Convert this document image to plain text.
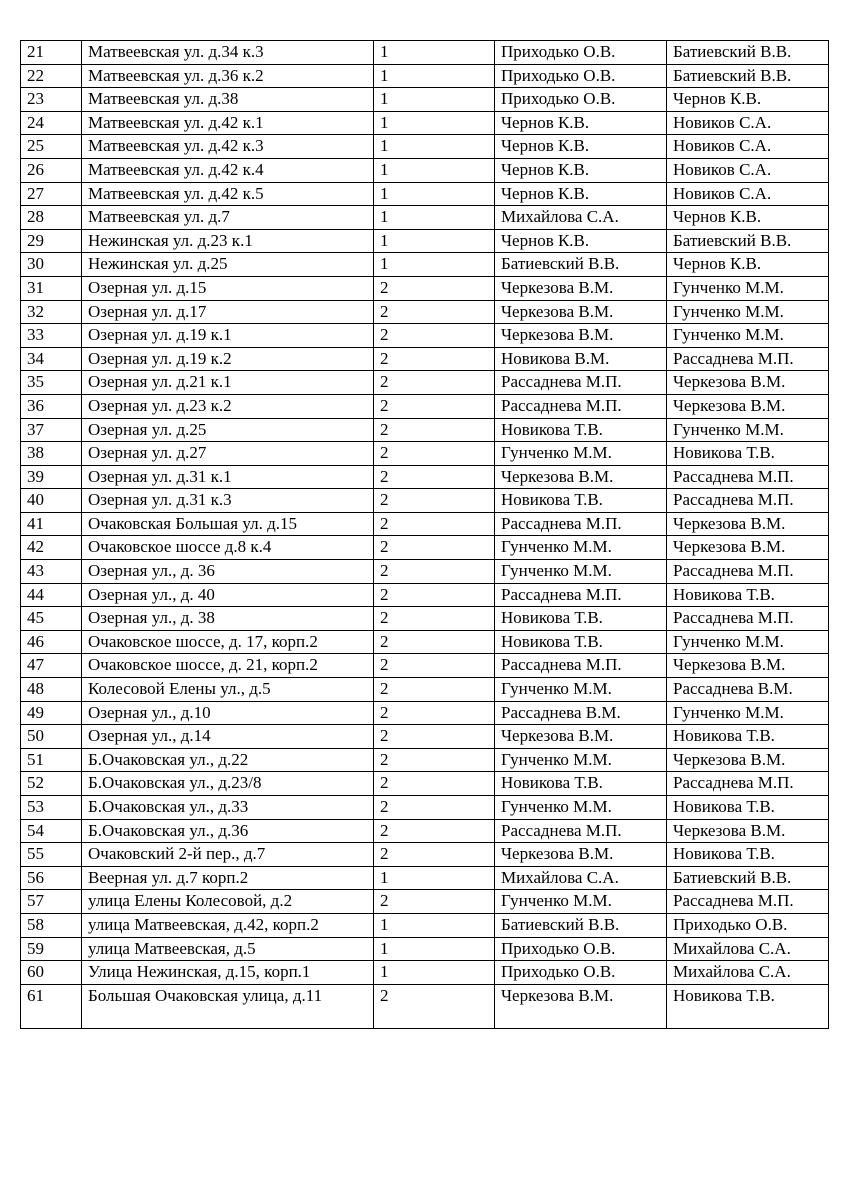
21	Матвеевская ул. д.34 к.3	1	Приходько О.В.	Батиевский В.В.
22	Матвеевская ул. д.36 к.2	1	Приходько О.В.	Батиевский В.В.
23	Матвеевская ул. д.38	1	Приходько О.В.	Чернов К.В.
24	Матвеевская ул. д.42 к.1	1	Чернов К.В.	Новиков С.А.
25	Матвеевская ул. д.42 к.3	1	Чернов К.В.	Новиков С.А.
26	Матвеевская ул. д.42 к.4	1	Чернов К.В.	Новиков С.А.
27	Матвеевская ул. д.42 к.5	1	Чернов К.В.	Новиков С.А.
28	Матвеевская ул. д.7	1	Михайлова С.А.	Чернов К.В.
29	Нежинская ул. д.23 к.1	1	Чернов К.В.	Батиевский В.В.
30	Нежинская ул. д.25	1	Батиевский В.В.	Чернов К.В.
31	Озерная ул. д.15	2	Черкезова В.М.	Гунченко М.М.
32	Озерная ул. д.17	2	Черкезова В.М.	Гунченко М.М.
33	Озерная ул. д.19 к.1	2	Черкезова В.М.	Гунченко М.М.
34	Озерная ул. д.19 к.2	2	Новикова В.М.	Рассаднева М.П.
35	Озерная ул. д.21 к.1	2	Рассаднева М.П.	Черкезова В.М.
36	Озерная ул. д.23 к.2	2	Рассаднева М.П.	Черкезова В.М.
37	Озерная ул. д.25	2	Новикова Т.В.	Гунченко М.М.
38	Озерная ул. д.27	2	Гунченко М.М.	Новикова Т.В.
39	Озерная ул. д.31 к.1	2	Черкезова В.М.	Рассаднева М.П.
40	Озерная ул. д.31 к.3	2	Новикова Т.В.	Рассаднева М.П.
41	Очаковская Большая ул. д.15	2	Рассаднева М.П.	Черкезова В.М.
42	Очаковское шоссе д.8 к.4	2	Гунченко М.М.	Черкезова В.М.
43	Озерная ул., д. 36	2	Гунченко М.М.	Рассаднева М.П.
44	Озерная ул., д. 40	2	Рассаднева М.П.	Новикова Т.В.
45	Озерная ул., д. 38	2	Новикова Т.В.	Рассаднева М.П.
46	Очаковское шоссе, д. 17, корп.2	2	Новикова Т.В.	Гунченко М.М.
47	Очаковское шоссе, д. 21, корп.2	2	Рассаднева М.П.	Черкезова В.М.
48	Колесовой Елены ул., д.5	2	Гунченко М.М.	Рассаднева В.М.
49	Озерная ул., д.10	2	Рассаднева В.М.	Гунченко М.М.
50	Озерная ул., д.14	2	Черкезова В.М.	Новикова Т.В.
51	Б.Очаковская ул., д.22	2	Гунченко М.М.	Черкезова В.М.
52	Б.Очаковская ул., д.23/8	2	Новикова Т.В.	Рассаднева М.П.
53	Б.Очаковская ул., д.33	2	Гунченко М.М.	Новикова Т.В.
54	Б.Очаковская ул., д.36	2	Рассаднева М.П.	Черкезова В.М.
55	Очаковский 2-й пер., д.7	2	Черкезова В.М.	Новикова Т.В.
56	Веерная ул. д.7 корп.2	1	Михайлова С.А.	Батиевский В.В.
57	улица Елены Колесовой, д.2	2	Гунченко М.М.	Рассаднева М.П.
58	улица Матвеевская, д.42, корп.2	1	Батиевский В.В.	Приходько О.В.
59	улица Матвеевская, д.5	1	Приходько О.В.	Михайлова С.А.
60	Улица Нежинская, д.15, корп.1	1	Приходько О.В.	Михайлова С.А.
61	Большая Очаковская улица, д.11	2	Черкезова В.М.	Новикова Т.В.
